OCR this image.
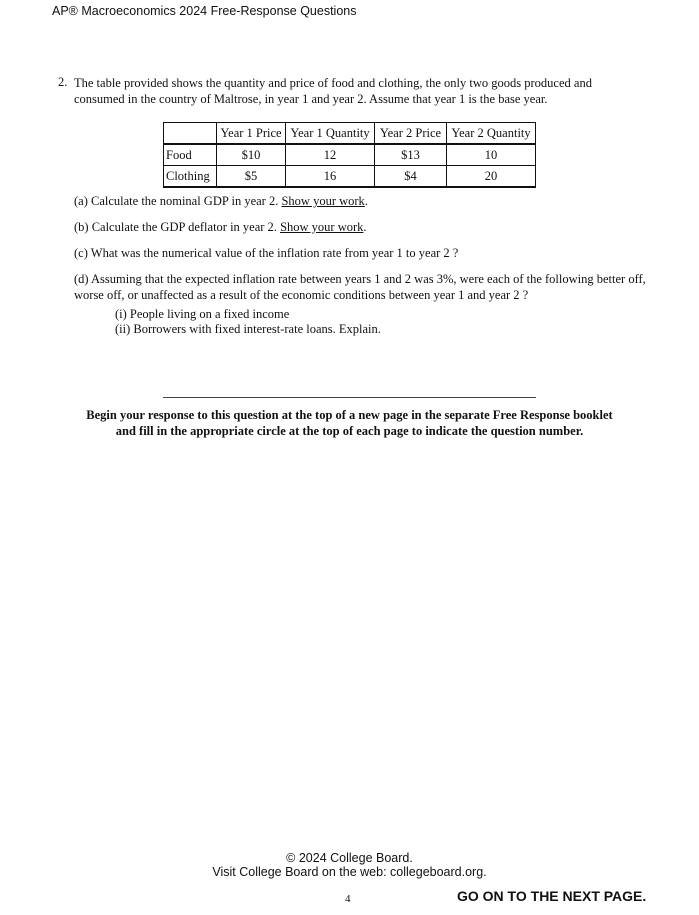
AP® Macroeconomics 2024 Free-Response Questions
2. The table provided shows the quantity and price of food and clothing, the only two goods produced and consumed in the country of Maltrose, in year 1 and year 2. Assume that year 1 is the base year.
	Year 1 Price	Year 1 Quantity	Year 2 Price	Year 2 Quantity
Food	$10	12	$13	10
Clothing	$5	16	$4	20
(a) Calculate the nominal GDP in year 2. Show your work.
(b) Calculate the GDP deflator in year 2. Show your work.
(c) What was the numerical value of the inflation rate from year 1 to year 2 ?
(d) Assuming that the expected inflation rate between years 1 and 2 was 3%, were each of the following better off, worse off, or unaffected as a result of the economic conditions between year 1 and year 2 ?
(i) People living on a fixed income
(ii) Borrowers with fixed interest-rate loans. Explain.
Begin your response to this question at the top of a new page in the separate Free Response booklet
and fill in the appropriate circle at the top of each page to indicate the question number.
© 2024 College Board.
Visit College Board on the web: collegeboard.org.
4	GO ON TO THE NEXT PAGE.
